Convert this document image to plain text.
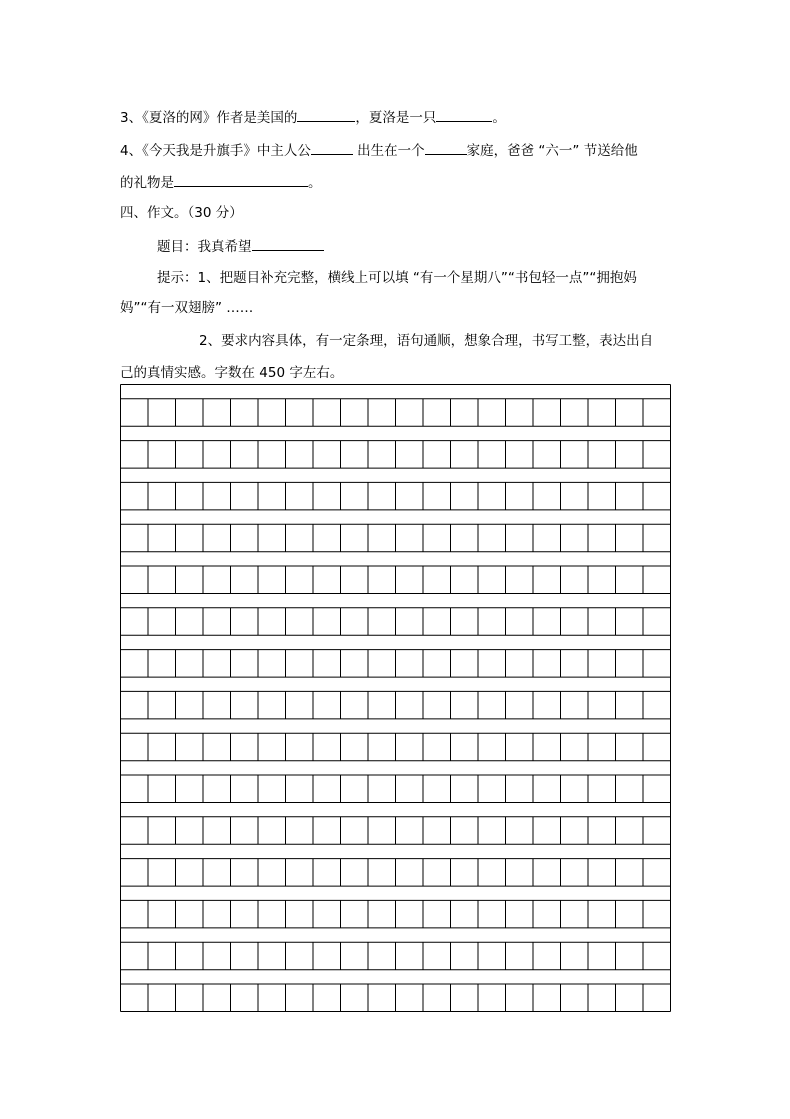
3、《夏洛的网》作者是美国的	，夏洛是一只	。
4、《今天我是升旗手》中主人公	出生在一个	家庭，爸爸 “六一” 节送给他
的礼物是	。
四、作文。（30 分）
题目：我真希望
提示：1、把题目补充完整，横线上可以填 “有一个星期八”“书包轻一点”“拥抱妈
妈”“有一双翅膀” ……
2、要求内容具体，有一定条理，语句通顺，想象合理，书写工整，表达出自
己的真情实感。字数在 450 字左右。
